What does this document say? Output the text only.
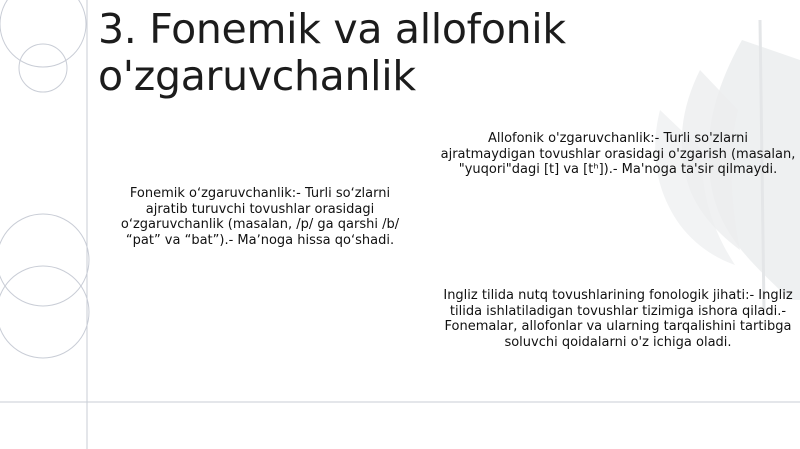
3. Fonemik va allofonik o'zgaruvchanlik

Fonemik oʻzgaruvchanlik:- Turli soʻzlarni ajratib turuvchi tovushlar orasidagi oʻzgaruvchanlik (masalan, /p/ ga qarshi /b/ “pat” va “bat”).- Maʼnoga hissa qoʻshadi.

Allofonik o'zgaruvchanlik:- Turli so'zlarni ajratmaydigan tovushlar orasidagi o'zgarish (masalan, "yuqori"dagi [t] va [tʰ]).- Ma'noga ta'sir qilmaydi.

Ingliz tilida nutq tovushlarining fonologik jihati:- Ingliz tilida ishlatiladigan tovushlar tizimiga ishora qiladi.- Fonemalar, allofonlar va ularning tarqalishini tartibga soluvchi qoidalarni o'z ichiga oladi.
